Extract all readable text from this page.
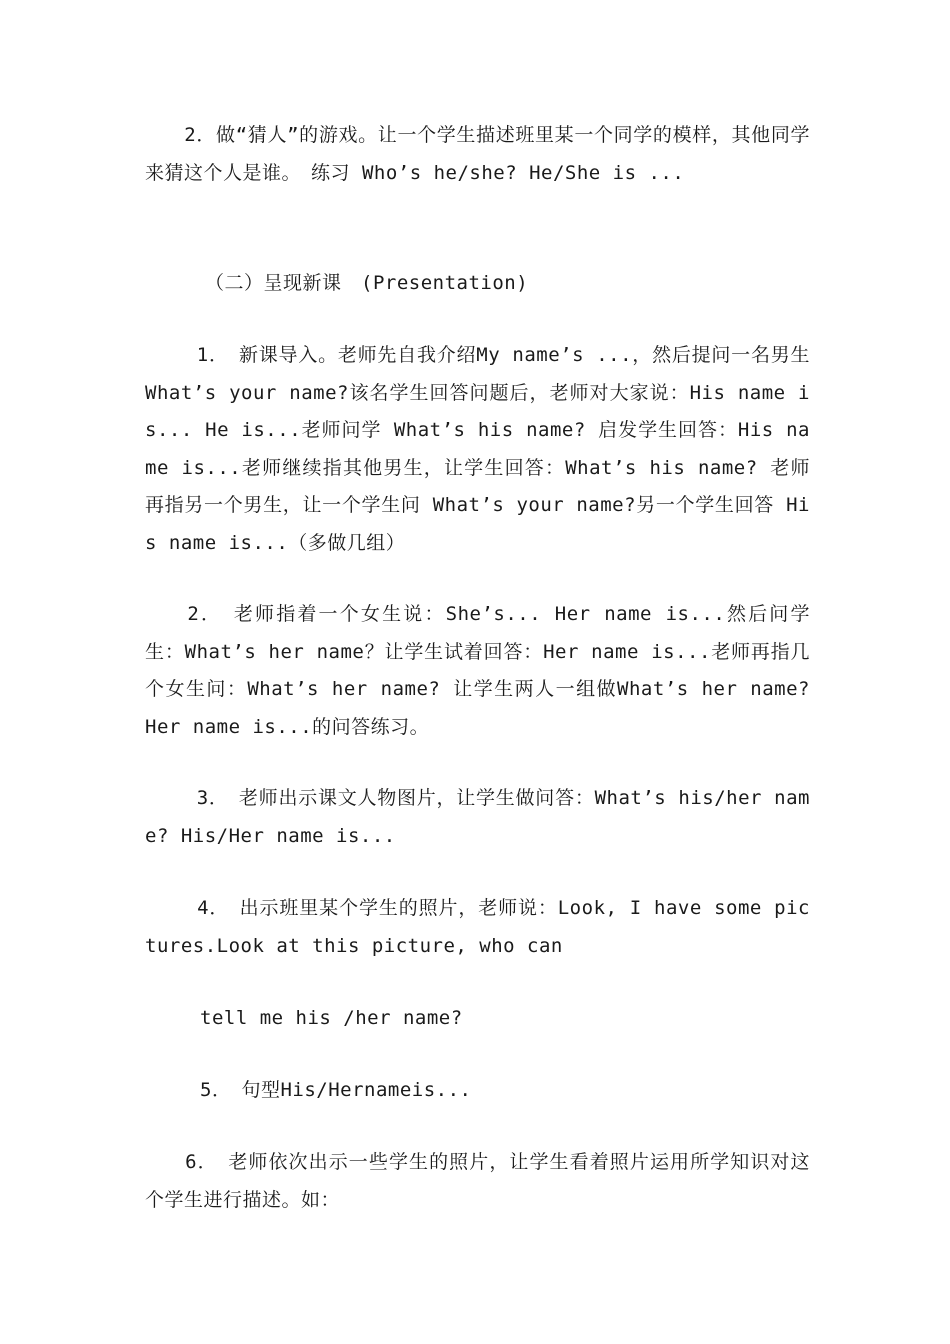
　　2．做“猜人”的游戏。让一个学生描述班里某一个同学的模样，其他同学来猜这个人是谁。　练习 Who’s he/she? He/She is ...
（二）呈现新课　(Presentation)
　　 1．　新课导入。老师先自我介绍My name’s ...，然后提问一名男生What’s your name?该名学生回答问题后，老师对大家说：His name is... He is...老师问学 What’s his name? 启发学生回答：His name is...老师继续指其他男生，让学生回答：What’s his name? 老师再指另一个男生，让一个学生问 What’s your name?另一个学生回答 His name is...（多做几组）
　　2．　老师指着一个女生说：She’s... Her name is...然后问学生：What’s her name？让学生试着回答：Her name is...老师再指几个女生问：What’s her name? 让学生两人一组做What’s her name? Her name is...的问答练习。
　　 3．　老师出示课文人物图片，让学生做问答：What’s his/her name? His/Her name is...
　　 4．　出示班里某个学生的照片，老师说：Look, I have some pictures.Look at this picture, who can
tell me his /her name?
5．　句型His/Hernameis...
　　6．　老师依次出示一些学生的照片，让学生看着照片运用所学知识对这个学生进行描述。如：
